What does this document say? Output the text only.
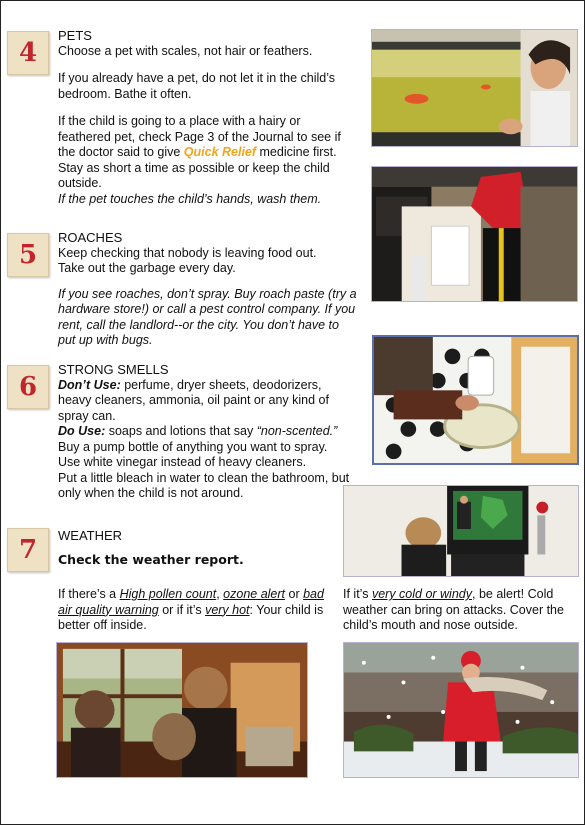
4

PETS

Choose a pet with scales, not hair or feathers.

If you already have a pet, do not let it in the child’s bedroom. Bathe it often.

If the child is going to a place with a hairy or feathered pet, check Page 3 of the Journal to see if the doctor said to give Quick Relief medicine first. Stay as short a time as possible or keep the child outside.

If the pet touches the child’s hands, wash them.

5

ROACHES

Keep checking that nobody is leaving food out.

Take out the garbage every day.

If you see roaches, don’t spray. Buy roach paste (try a hardware store!) or call a pest control company. If you rent, call the landlord--or the city. You don’t have to put up with bugs.

6

STRONG SMELLS

Don’t Use: perfume, dryer sheets, deodorizers, heavy cleaners, ammonia, oil paint or any kind of spray can.

Do Use: soaps and lotions that say “non-scented.”

Buy a pump bottle of anything you want to spray.

Use white vinegar instead of heavy cleaners.

Put a little bleach in water to clean the bathroom, but only when the child is not around.

7	WEATHER

Check the weather report.

If there’s a High pollen count, ozone alert or bad air quality warning or if it’s very hot: Your child is better off inside.

If it’s very cold or windy, be alert! Cold weather can bring on attacks. Cover the child’s mouth and nose outside.
